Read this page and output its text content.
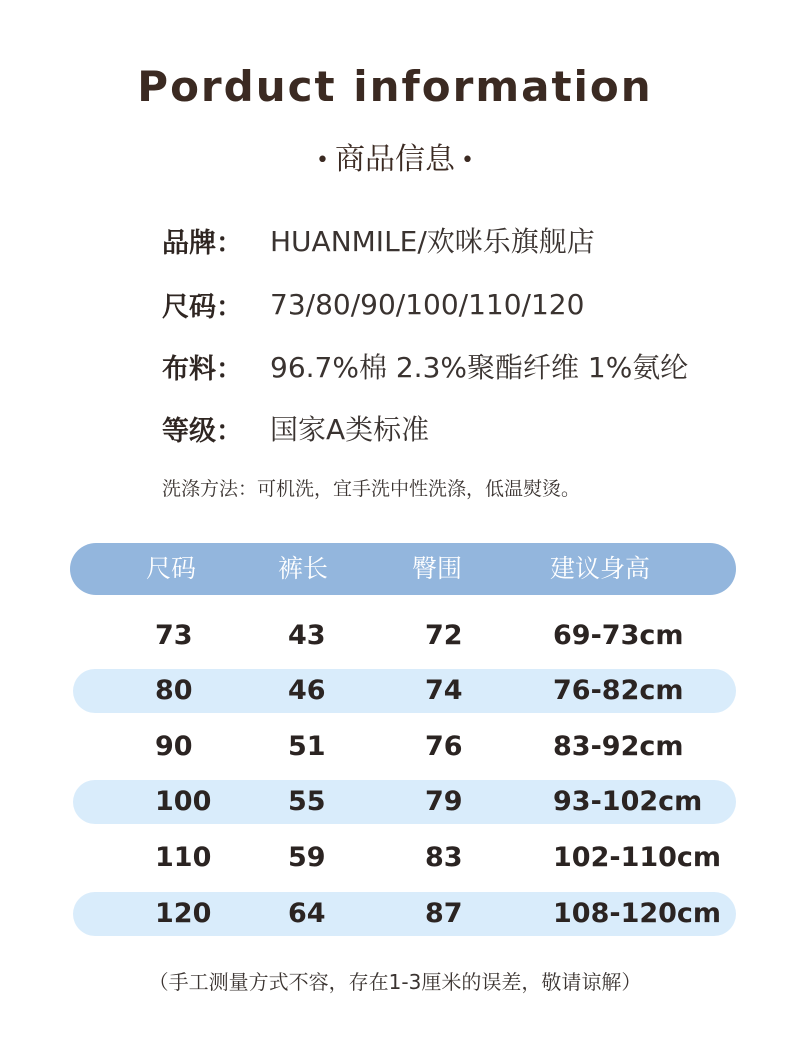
Porduct information
• 商品信息 •
品牌： HUANMILE/欢咪乐旗舰店
尺码： 73/80/90/100/110/120
布料： 96.7%棉 2.3%聚酯纤维 1%氨纶
等级： 国家A类标准
洗涤方法：可机洗，宜手洗中性洗涤，低温熨烫。
尺码	裤长	臀围	建议身高
73	43	72	69-73cm
80	46	74	76-82cm
90	51	76	83-92cm
100	55	79	93-102cm
110	59	83	102-110cm
120	64	87	108-120cm
（手工测量方式不容，存在1-3厘米的误差，敬请谅解）
